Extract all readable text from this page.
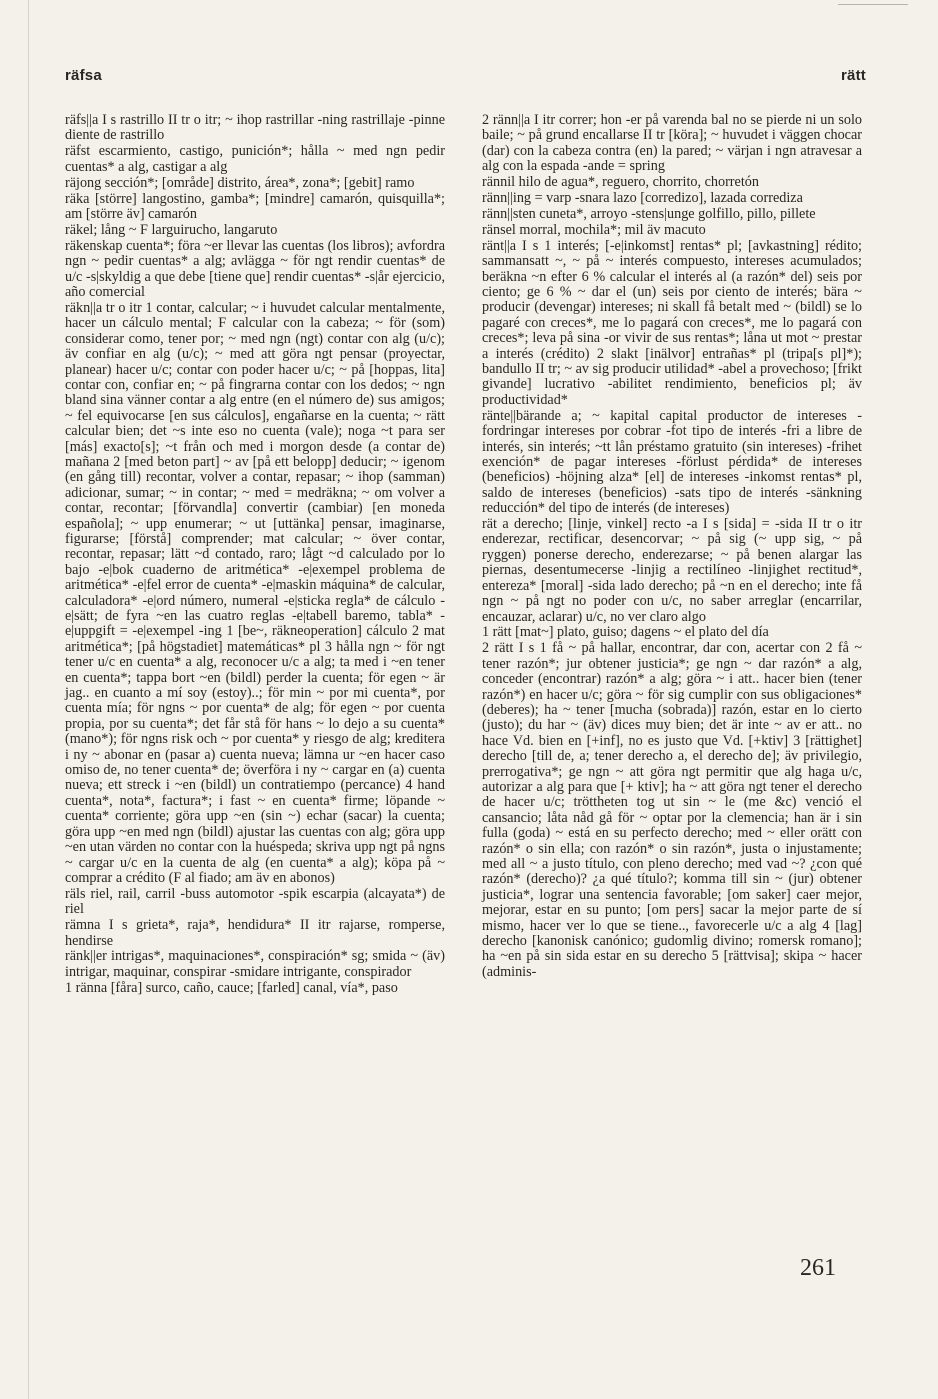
räfsa	rätt

räfs||a I s rastrillo II tr o itr; ~ ihop rastrillar -ning rastrillaje -pinne diente de rastrillo

räfst escarmiento, castigo, punición*; hålla ~ med ngn pedir cuentas* a alg, castigar a alg

räjong sección*; [område] distrito, área*, zona*; [gebit] ramo

räka [större] langostino, gamba*; [mindre] camarón, quisquilla*; am [större äv] camarón

räkel; lång ~ F larguirucho, langaruto

räkenskap cuenta*; föra ~er llevar las cuentas (los libros); avfordra ngn ~ pedir cuentas* a alg; avlägga ~ för ngt rendir cuentas* de u/c -s|skyldig a que debe [tiene que] rendir cuentas* -s|år ejercicio, año comercial

räkn||a tr o itr 1 contar, calcular; ~ i huvudet calcular mentalmente, hacer un cálculo mental; F calcular con la cabeza; ~ för (som) considerar como, tener por; ~ med ngn (ngt) contar con alg (u/c); äv confiar en alg (u/c); ~ med att göra ngt pensar (proyectar, planear) hacer u/c; contar con poder hacer u/c; ~ på [hoppas, lita] contar con, confiar en; ~ på fingrarna contar con los dedos; ~ ngn bland sina vänner contar a alg entre (en el número de) sus amigos; ~ fel equivocarse [en sus cálculos], engañarse en la cuenta; ~ rätt calcular bien; det ~s inte eso no cuenta (vale); noga ~t para ser [más] exacto[s]; ~t från och med i morgon desde (a contar de) mañana 2 [med beton part] ~ av [på ett belopp] deducir; ~ igenom (en gång till) recontar, volver a contar, repasar; ~ ihop (samman) adicionar, sumar; ~ in contar; ~ med = medräkna; ~ om volver a contar, recontar; [förvandla] convertir (cambiar) [en moneda española]; ~ upp enumerar; ~ ut [uttänka] pensar, imaginarse, figurarse; [förstå] comprender; mat calcular; ~ över contar, recontar, repasar; lätt ~d contado, raro; lågt ~d calculado por lo bajo -e|bok cuaderno de aritmética* -e|exempel problema de aritmética* -e|fel error de cuenta* -e|maskin máquina* de calcular, calculadora* -e|ord número, numeral -e|sticka regla* de cálculo -e|sätt; de fyra ~en las cuatro reglas -e|tabell baremo, tabla* -e|uppgift = -e|exempel -ing 1 [be~, räkneoperation] cálculo 2 mat aritmética*; [på högstadiet] matemáticas* pl 3 hålla ngn ~ för ngt tener u/c en cuenta* a alg, reconocer u/c a alg; ta med i ~en tener en cuenta*; tappa bort ~en (bildl) perder la cuenta; för egen ~ är jag.. en cuanto a mí soy (estoy)..; för min ~ por mi cuenta*, por cuenta mía; för ngns ~ por cuenta* de alg; för egen ~ por cuenta propia, por su cuenta*; det får stå för hans ~ lo dejo a su cuenta* (mano*); för ngns risk och ~ por cuenta* y riesgo de alg; kreditera i ny ~ abonar en (pasar a) cuenta nueva; lämna ur ~en hacer caso omiso de, no tener cuenta* de; överföra i ny ~ cargar en (a) cuenta nueva; ett streck i ~en (bildl) un contratiempo (percance) 4 hand cuenta*, nota*, factura*; i fast ~ en cuenta* firme; löpande ~ cuenta* corriente; göra upp ~en (sin ~) echar (sacar) la cuenta; göra upp ~en med ngn (bildl) ajustar las cuentas con alg; göra upp ~en utan värden no contar con la huéspeda; skriva upp ngt på ngns ~ cargar u/c en la cuenta de alg (en cuenta* a alg); köpa på ~ comprar a crédito (F al fiado; am äv en abonos)

räls riel, rail, carril -buss automotor -spik escarpia (alcayata*) de riel

rämna I s grieta*, raja*, hendidura* II itr rajarse, romperse, hendirse

ränk||er intrigas*, maquinaciones*, conspiración* sg; smida ~ (äv) intrigar, maquinar, conspirar -smidare intrigante, conspirador

1 ränna [fåra] surco, caño, cauce; [farled] canal, vía*, paso

2 ränn||a I itr correr; hon -er på varenda bal no se pierde ni un solo baile; ~ på grund encallarse II tr [köra]; ~ huvudet i väggen chocar (dar) con la cabeza contra (en) la pared; ~ värjan i ngn atravesar a alg con la espada -ande = spring

rännil hilo de agua*, reguero, chorrito, chorretón

ränn||ing = varp -snara lazo [corredizo], lazada corrediza

ränn||sten cuneta*, arroyo -stens|unge golfillo, pillo, pillete

ränsel morral, mochila*; mil äv macuto

ränt||a I s 1 interés; [-e|inkomst] rentas* pl; [avkastning] rédito; sammansatt ~, ~ på ~ interés compuesto, intereses acumulados; beräkna ~n efter 6 % calcular el interés al (a razón* del) seis por ciento; ge 6 % ~ dar el (un) seis por ciento de interés; bära ~ producir (devengar) intereses; ni skall få betalt med ~ (bildl) se lo pagaré con creces*, me lo pagará con creces*, me lo pagará con creces*; leva på sina -or vivir de sus rentas*; låna ut mot ~ prestar a interés (crédito) 2 slakt [inälvor] entrañas* pl (tripa[s pl]*); bandullo II tr; ~ av sig producir utilidad* -abel a provechoso; [frikt givande] lucrativo -abilitet rendimiento, beneficios pl; äv productividad*

ränte||bärande a; ~ kapital capital productor de intereses -fordringar intereses por cobrar -fot tipo de interés -fri a libre de interés, sin interés; ~tt lån préstamo gratuito (sin intereses) -frihet exención* de pagar intereses -förlust pérdida* de intereses (beneficios) -höjning alza* [el] de intereses -inkomst rentas* pl, saldo de intereses (beneficios) -sats tipo de interés -sänkning reducción* del tipo de interés (de intereses)

rät a derecho; [linje, vinkel] recto -a I s [sida] = -sida II tr o itr enderezar, rectificar, desencorvar; ~ på sig (~ upp sig, ~ på ryggen) ponerse derecho, enderezarse; ~ på benen alargar las piernas, desentumecerse -linjig a rectilíneo -linjighet rectitud*, entereza* [moral] -sida lado derecho; på ~n en el derecho; inte få ngn ~ på ngt no poder con u/c, no saber arreglar (encarrilar, encauzar, aclarar) u/c, no ver claro algo

1 rätt [mat~] plato, guiso; dagens ~ el plato del día

2 rätt I s 1 få ~ på hallar, encontrar, dar con, acertar con 2 få ~ tener razón*; jur obtener justicia*; ge ngn ~ dar razón* a alg, conceder (encontrar) razón* a alg; göra ~ i att.. hacer bien (tener razón*) en hacer u/c; göra ~ för sig cumplir con sus obligaciones* (deberes); ha ~ tener [mucha (sobrada)] razón, estar en lo cierto (justo); du har ~ (äv) dices muy bien; det är inte ~ av er att.. no hace Vd. bien en [+inf], no es justo que Vd. [+ktiv] 3 [rättighet] derecho [till de, a; tener derecho a, el derecho de]; äv privilegio, prerrogativa*; ge ngn ~ att göra ngt permitir que alg haga u/c, autorizar a alg para que [+ ktiv]; ha ~ att göra ngt tener el derecho de hacer u/c; tröttheten tog ut sin ~ le (me &c) venció el cansancio; låta nåd gå för ~ optar por la clemencia; han är i sin fulla (goda) ~ está en su perfecto derecho; med ~ eller orätt con razón* o sin ella; con razón* o sin razón*, justa o injustamente; med all ~ a justo título, con pleno derecho; med vad ~? ¿con qué razón* (derecho)? ¿a qué título?; komma till sin ~ (jur) obtener justicia*, lograr una sentencia favorable; [om saker] caer mejor, mejorar, estar en su punto; [om pers] sacar la mejor parte de sí mismo, hacer ver lo que se tiene.., favorecerle u/c a alg 4 [lag] derecho [kanonisk canónico; gudomlig divino; romersk romano]; ha ~en på sin sida estar en su derecho 5 [rättvisa]; skipa ~ hacer (adminis-

261
